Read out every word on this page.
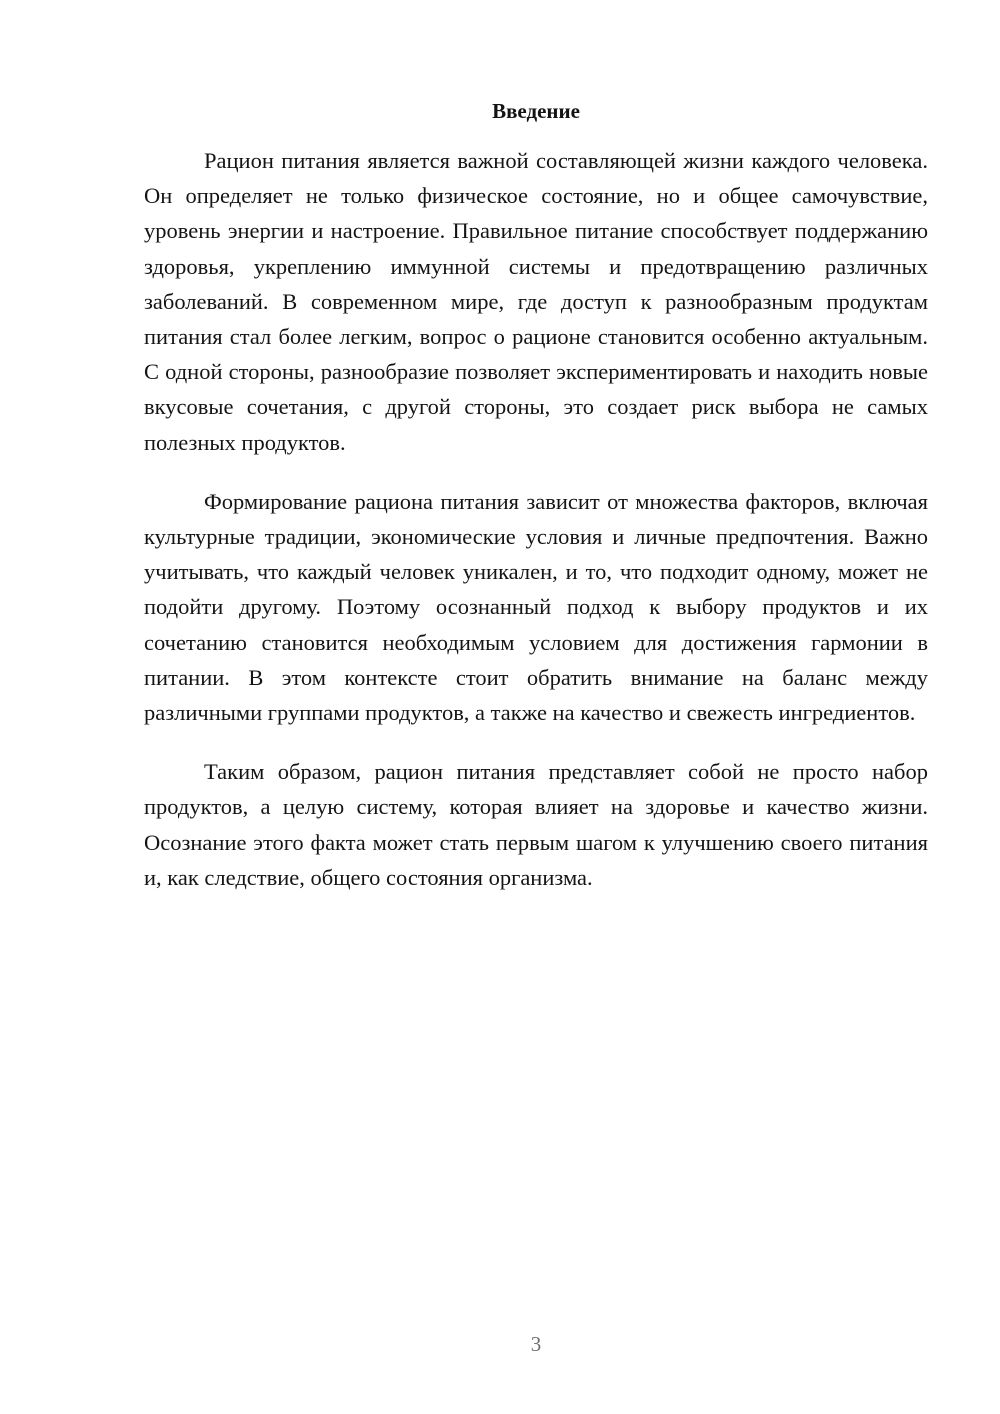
Введение

Рацион питания является важной составляющей жизни каждого человека. Он определяет не только физическое состояние, но и общее самочувствие, уровень энергии и настроение. Правильное питание способствует поддержанию здоровья, укреплению иммунной системы и предотвращению различных заболеваний. В современном мире, где доступ к разнообразным продуктам питания стал более легким, вопрос о рационе становится особенно актуальным. С одной стороны, разнообразие позволяет экспериментировать и находить новые вкусовые сочетания, с другой стороны, это создает риск выбора не самых полезных продуктов.

Формирование рациона питания зависит от множества факторов, включая культурные традиции, экономические условия и личные предпочтения. Важно учитывать, что каждый человек уникален, и то, что подходит одному, может не подойти другому. Поэтому осознанный подход к выбору продуктов и их сочетанию становится необходимым условием для достижения гармонии в питании. В этом контексте стоит обратить внимание на баланс между различными группами продуктов, а также на качество и свежесть ингредиентов.

Таким образом, рацион питания представляет собой не просто набор продуктов, а целую систему, которая влияет на здоровье и качество жизни. Осознание этого факта может стать первым шагом к улучшению своего питания и, как следствие, общего состояния организма.

3
